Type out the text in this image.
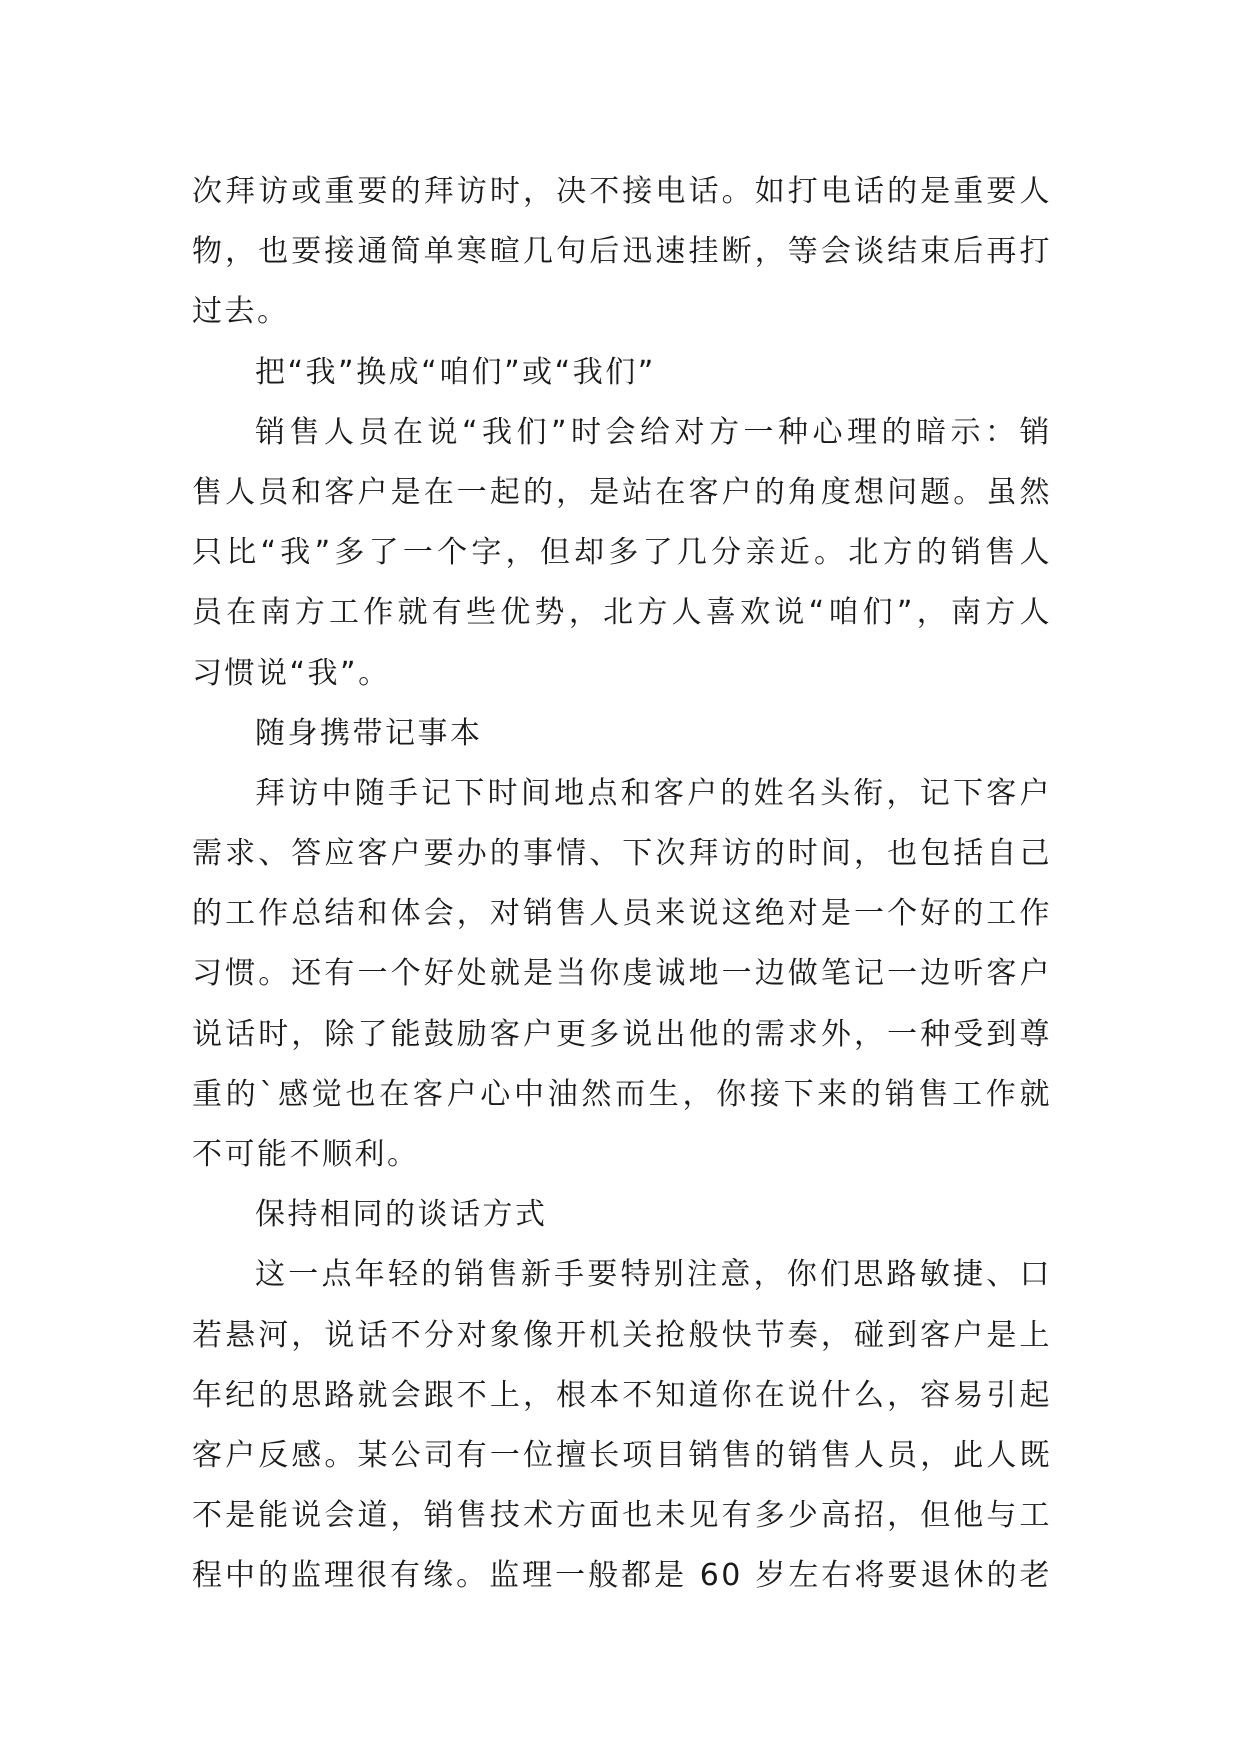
次拜访或重要的拜访时，决不接电话。如打电话的是重要人
物，也要接通简单寒暄几句后迅速挂断，等会谈结束后再打
过去。
把“我”换成“咱们”或“我们”
销售人员在说“我们”时会给对方一种心理的暗示：销
售人员和客户是在一起的，是站在客户的角度想问题。虽然
只比“我”多了一个字，但却多了几分亲近。北方的销售人
员在南方工作就有些优势，北方人喜欢说“咱们”，南方人
习惯说“我”。
随身携带记事本
拜访中随手记下时间地点和客户的姓名头衔，记下客户
需求、答应客户要办的事情、下次拜访的时间，也包括自己
的工作总结和体会，对销售人员来说这绝对是一个好的工作
习惯。还有一个好处就是当你虔诚地一边做笔记一边听客户
说话时，除了能鼓励客户更多说出他的需求外，一种受到尊
重的`感觉也在客户心中油然而生，你接下来的销售工作就
不可能不顺利。
保持相同的谈话方式
这一点年轻的销售新手要特别注意，你们思路敏捷、口
若悬河，说话不分对象像开机关抢般快节奏，碰到客户是上
年纪的思路就会跟不上，根本不知道你在说什么，容易引起
客户反感。某公司有一位擅长项目销售的销售人员，此人既
不是能说会道，销售技术方面也未见有多少高招，但他与工
程中的监理很有缘。监理一般都是 60 岁左右将要退休的老
